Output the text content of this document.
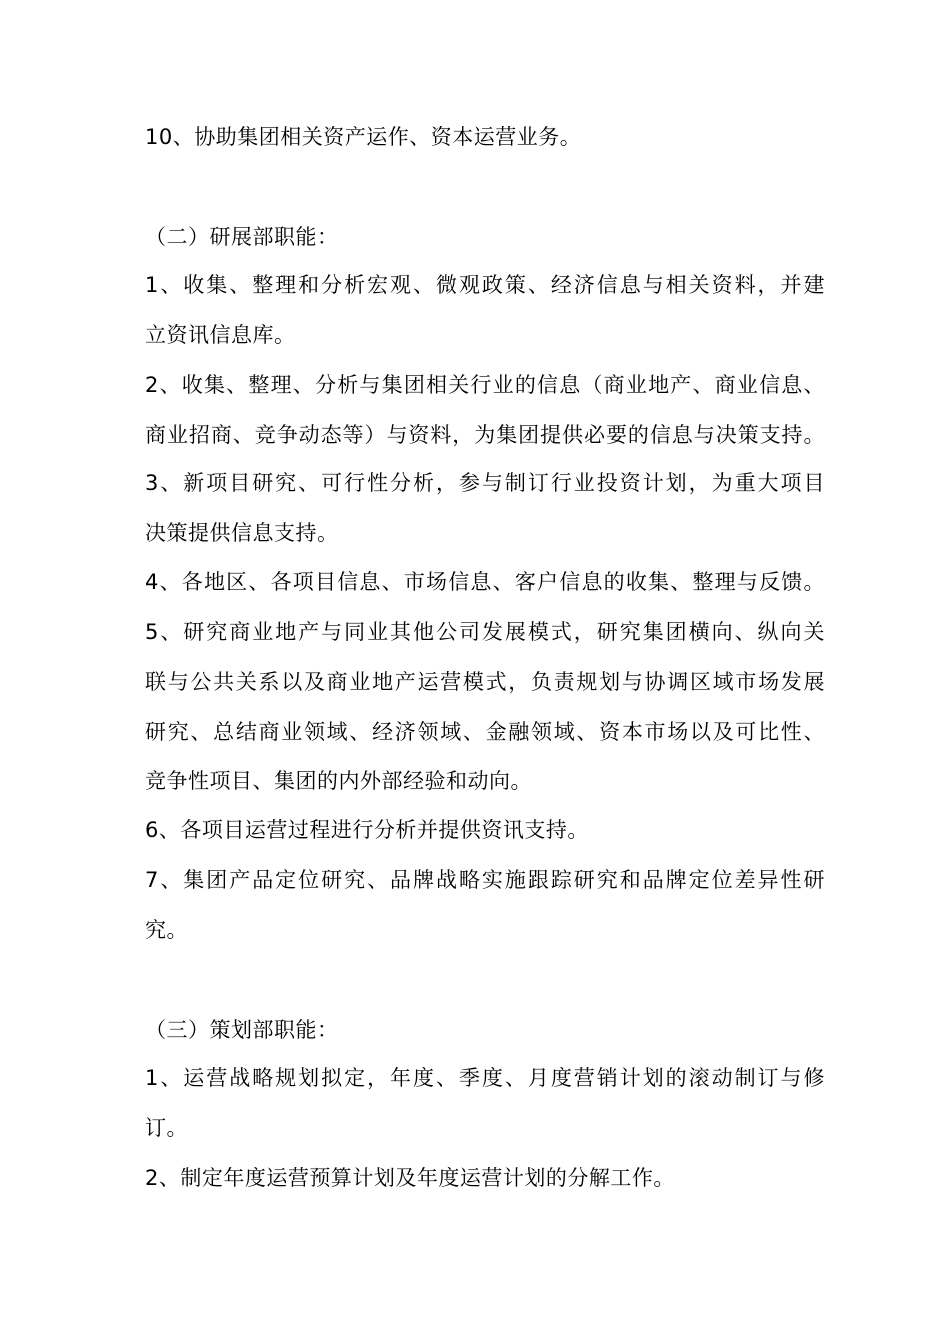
10、协助集团相关资产运作、资本运营业务。
（二）研展部职能：
1、收集、整理和分析宏观、微观政策、经济信息与相关资料，并建
立资讯信息库。
2、收集、整理、分析与集团相关行业的信息（商业地产、商业信息、
商业招商、竞争动态等）与资料，为集团提供必要的信息与决策支持。
3、新项目研究、可行性分析，参与制订行业投资计划，为重大项目
决策提供信息支持。
4、各地区、各项目信息、市场信息、客户信息的收集、整理与反馈。
5、研究商业地产与同业其他公司发展模式，研究集团横向、纵向关
联与公共关系以及商业地产运营模式，负责规划与协调区域市场发展
研究、总结商业领域、经济领域、金融领域、资本市场以及可比性、
竞争性项目、集团的内外部经验和动向。
6、各项目运营过程进行分析并提供资讯支持。
7、集团产品定位研究、品牌战略实施跟踪研究和品牌定位差异性研
究。
（三）策划部职能：
1、运营战略规划拟定，年度、季度、月度营销计划的滚动制订与修
订。
2、制定年度运营预算计划及年度运营计划的分解工作。
